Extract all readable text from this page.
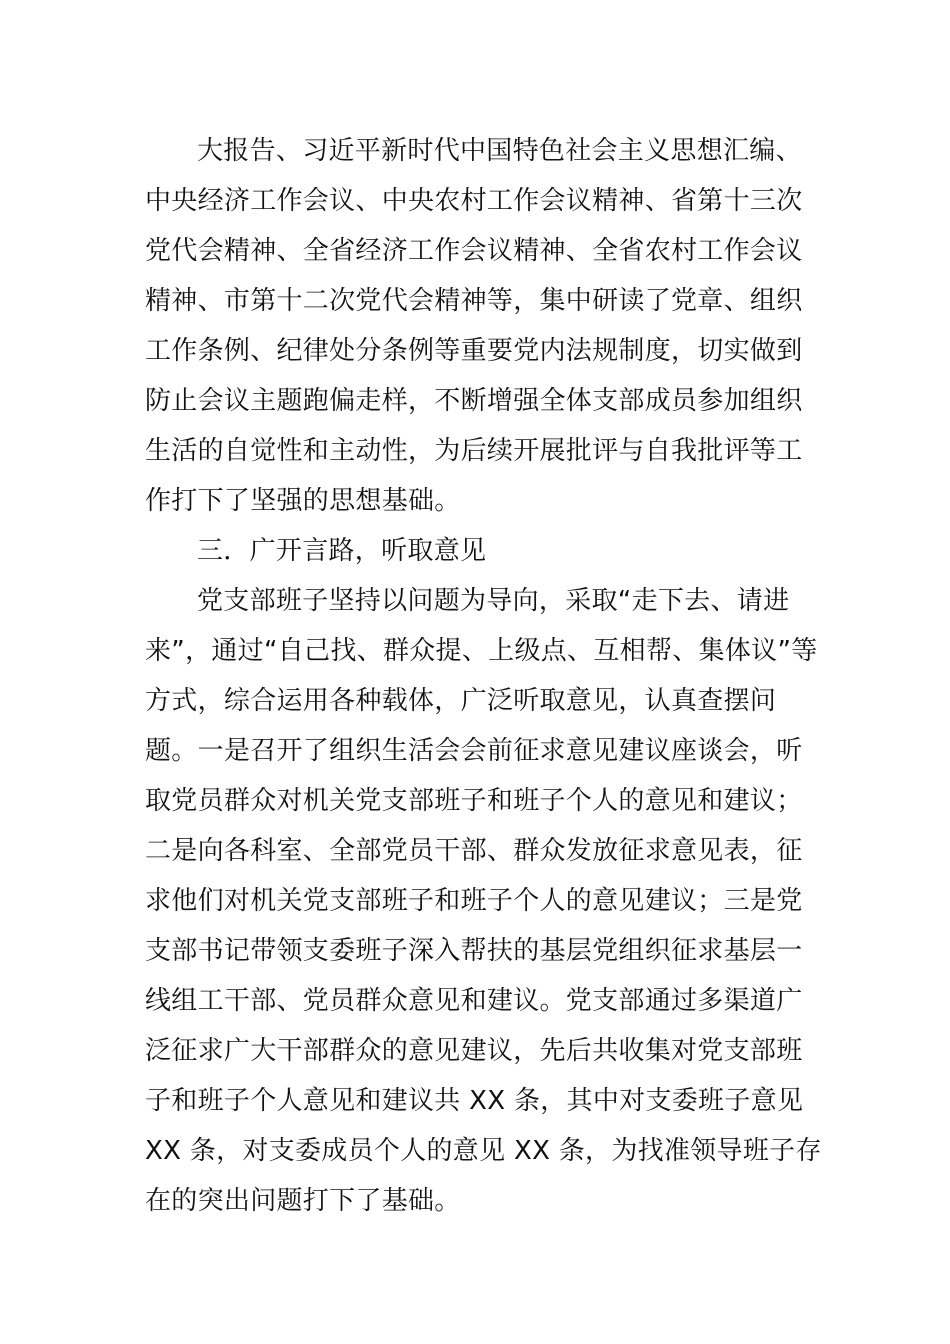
大报告、习近平新时代中国特色社会主义思想汇编、
中央经济工作会议、中央农村工作会议精神、省第十三次
党代会精神、全省经济工作会议精神、全省农村工作会议
精神、市第十二次党代会精神等，集中研读了党章、组织
工作条例、纪律处分条例等重要党内法规制度，切实做到
防止会议主题跑偏走样，不断增强全体支部成员参加组织
生活的自觉性和主动性，为后续开展批评与自我批评等工
作打下了坚强的思想基础。
三．广开言路，听取意见
党支部班子坚持以问题为导向，采取“走下去、请进
来”，通过“自己找、群众提、上级点、互相帮、集体议”等
方式，综合运用各种载体，广泛听取意见，认真查摆问
题。一是召开了组织生活会会前征求意见建议座谈会，听
取党员群众对机关党支部班子和班子个人的意见和建议；
二是向各科室、全部党员干部、群众发放征求意见表，征
求他们对机关党支部班子和班子个人的意见建议；三是党
支部书记带领支委班子深入帮扶的基层党组织征求基层一
线组工干部、党员群众意见和建议。党支部通过多渠道广
泛征求广大干部群众的意见建议，先后共收集对党支部班
子和班子个人意见和建议共 XX 条，其中对支委班子意见
XX 条，对支委成员个人的意见 XX 条，为找准领导班子存
在的突出问题打下了基础。
